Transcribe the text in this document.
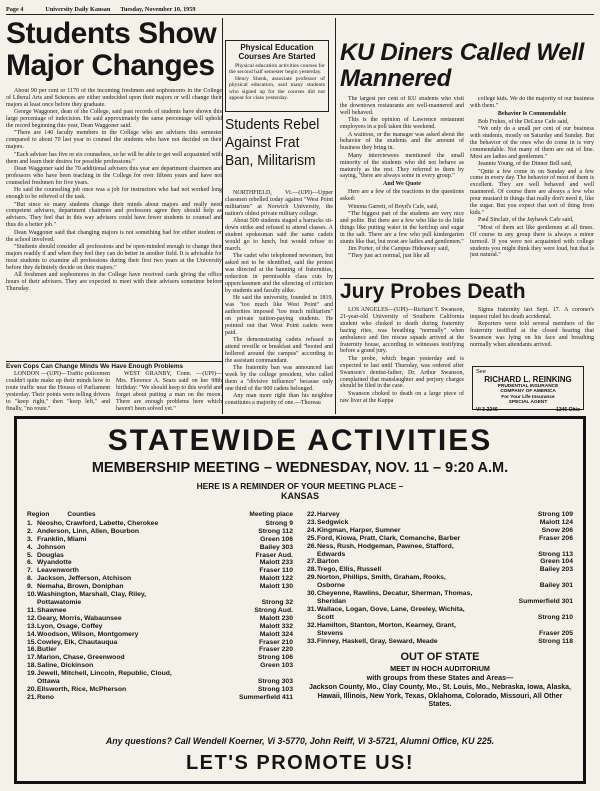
Page 4	University Daily Kansan Tuesday, November 10, 1959
Students Show Major Changes

About 90 per cent or 1170 of the incoming freshmen and sophomores in the College of Liberal Arts and Sciences are either undecided upon their majors or will change their majors at least once before they graduate.

George Waggoner, dean of the College, said past records of students have shown this large percentage of indecision. He said approximately the same percentage will uphold the record beginning this year, Dean Waggoner said.

"There are 140 faculty members in the College who are advisers this semester compared to about 70 last year to counsel the students who have not decided on their majors.

"Each adviser has five or six counselees, so he will be able to get well acquainted with them and learn their desires for possible professions."

Dean Waggoner said the 70 additional advisers this year are department chairmen and professors who have been teaching in the College for over fifteen years and have not counseled freshmen for five years.

He said the counseling job once was a job for instructors who had not worked long enough to be relieved of the task.

"But since so many students change their minds about majors and really need competent advisers, department chairmen and professors agree they should help as advisers. They feel that in this way advisers could have fewer students to counsel and thus do a better job."

Dean Waggoner said that changing majors is not something bad for either student or the school involved.

"Students should consider all professions and be open-minded enough to change their majors readily if and when they feel they can do better in another field. It is advisable for most students to examine all professions during their first two years at the University before they definitely decide on their majors."

All freshmen and sophomores in the College have received cards giving the office hours of their advisers. They are expected to meet with their advisers sometime before Thursday.

Even Cops Can Change Minds We Have Enough Problems

LONDON —(UPI)—Traffic policemen couldn't quite make up their minds how to route traffic near the Houses of Parliament yesterday. Their points were telling drivers to "keep right," then "keep left," and finally, "no route."

WEST GRANBY, Conn. —(UPI)— Mrs. Florence A. Sears said on her 98th birthday: "We should keep to this world and forget about putting a man on the moon. There are enough problems here which haven't been solved yet."

Physical Education Courses Are Started

Physical education activities courses for the second half semester begin yesterday.

Henry Shenk, associate professor of physical education, said many students who signed up for the courses did not appear for class yesterday.

Students Rebel Against Frat Ban, Militarism

NORTHFIELD, Vt.—(UPI)—Upper classmen rebelled today against "West Point militarism" at Norwich University, the nation's oldest private military college.

About 500 students staged a barracks sit-down strike and refused to attend classes. A student spokesman said the same cadets would go to lunch, but would refuse to march.

The cadet who telephoned newsmen, but asked not to be identified, said the protest was directed at the banning of fraternities, reduction in permissible class cuts by upperclassmen and the silencing of criticism by students and faculty alike.

He said the university, founded in 1819, was "too much like West Point" and authorities imposed "too much militarism" on private tuition-paying students. He pointed out that West Point cadets were paid.

The demonstrating cadets refused to attend reveille or breakfast and "booted and hollered around the campus" according to the assistant commandant.

The fraternity ban was announced last week by the college president, who called them a "divisive influence" because only one third of the 900 cadets belonged.

Any man more right than his neighbor constitutes a majority of one.—Thoreau

KU Diners Called Well Mannered

The largest per cent of KU students who visit the downtown restaurants are well-mannered and well behaved.

This is the opinion of Lawrence restaurant employees in a poll taken this weekend.

A waitress, or the manager was asked about the behavior of the students and the amount of business they bring in.

Many interviewees mentioned the small minority of the students who did not behave as maturely as the rest. They referred to them by saying, "there are always some in every group."

And We Quote

Here are a few of the reactions to the questions asked:

Winona Garrett, of Boyd's Cafe, said,

"The biggest part of the students are very nice and polite. But there are a few who like to do little things like putting water in the ketchup and sugar in the salt. There are a few who pull kindergarten stunts like that, but most are ladies and gentlemen."

Jim Porter, of the Campus Hideaway said,

"They just act normal, just like all

college kids. We do the majority of our business with them."

Behavior Is Commendable

Bob Frekes, of the DeLuxe Cafe said,

"We only do a small per cent of our business with students, mostly on Saturday and Sunday. But the behavior of the ones who do come in is very commendable. Not many of them are out of line. Most are ladies and gentlemen."

Jeannie Young, of the Dinner Bell said,

"Quite a few come in on Sunday and a few come in every day. The behavior of most of them is excellent. They are well behaved and well mannered. Of course there are always a few who pour mustard in things that really don't need it, like the sugar. But you expect that sort of thing from kids."

Paul Sinclair, of the Jayhawk Cafe said,

"Most of them act like gentlemen at all times. Of course in any group there is always a minor turmoil. If you were not acquainted with college students you might think they were loud, but that is just natural."

Jury Probes Death

LOS ANGELES—(UPI)—Richard T. Swanson, 21-year-old University of Southern California student who choked to death during fraternity hazing rites, was breathing "normally" when ambulance and fire rescue squads arrived at the fraternity house, according to witnesses testifying before a grand jury.

The probe, which began yesterday and is expected to last until Thursday, was ordered after Swanson's dentist-father, Dr. Arthur Swanson, complained that manslaughter and perjury charges should be filed in the case.

Swanson choked to death on a large piece of raw liver at the Kappa

Sigma fraternity last Sept. 17. A coroner's inquest ruled his death accidental.

Reporters were told several members of the fraternity testified at the closed hearing that Swanson was lying on his face and breathing normally when attendants arrived.

See
RICHARD L. REINKING
PRUDENTIAL INSURANCE
COMPANY OF AMERICA
For Your Life Insurance
SPECIAL AGENT
VI 3-2246	1346 Ohio
STATEWIDE ACTIVITIES
MEMBERSHIP MEETING – WEDNESDAY, NOV. 11 – 9:20 A.M.
HERE IS A REMINDER OF YOUR MEETING PLACE –
KANSAS
Region	Counties	Meeting place
1. Neosho, Crawford, Labette, Cherokee	Strong 9
2. Anderson, Linn, Allen, Bourbon	Strong 112
3. Franklin, Miami	Green 106
4. Johnson	Bailey 303
5. Douglas	Fraser Aud.
6. Wyandotte	Malott 233
7. Leavenworth	Fraser 110
8. Jackson, Jefferson, Atchison	Malott 122
9. Nemaha, Brown, Doniphan	Malott 130
10. Washington, Marshall, Clay, Riley,
Pottawatomie	Strong 32
11. Shawnee	Strong Aud.
12. Geary, Morris, Wabaunsee	Malott 230
13. Lyon, Osage, Coffey	Malott 332
14. Woodson, Wilson, Montgomery	Malott 324
15. Cowley, Elk, Chautauqua	Fraser 210
16. Butler	Fraser 220
17. Marion, Chase, Greenwood	Strong 106
18. Saline, Dickinson	Green 103
19. Jewell, Mitchell, Lincoln, Republic, Cloud,
Ottawa	Strong 303
20. Ellsworth, Rice, McPherson	Strong 103
21. Reno	Summerfield 411
22. Harvey	Strong 109
23. Sedgwick	Malott 124
24. Kingman, Harper, Sumner	Snow 206
25. Ford, Kiowa, Pratt, Clark, Comanche, Barber	Fraser 206
26. Ness, Rush, Hodgeman, Pawnee, Stafford,
Edwards	Strong 113
27. Barton	Green 104
28. Trego, Ellis, Russell	Bailey 203
29. Norton, Phillips, Smith, Graham, Rooks,
Osborne	Bailey 301
30. Cheyenne, Rawlins, Decatur, Sherman, Thomas,
Sheridan	Summerfield 301
31. Wallace, Logan, Gove, Lane, Greeley, Wichita,
Scott	Strong 210
32. Hamilton, Stanton, Morton, Kearney, Grant,
Stevens	Fraser 205
33. Finney, Haskell, Gray, Seward, Meade	Strong 118
OUT OF STATE
MEET IN HOCH AUDITORIUM
with groups from these States and Areas—
Jackson County, Mo., Clay County, Mo., St. Louis, Mo., Nebraska, Iowa, Alaska, Hawaii, Illinois, New York, Texas, Oklahoma, Colorado, Missouri, All Other States.
Any questions? Call Wendell Koerner, Vi 3-5770, John Reiff, Vi 3-5721, Alumni Office, KU 225.
LET'S PROMOTE US!
